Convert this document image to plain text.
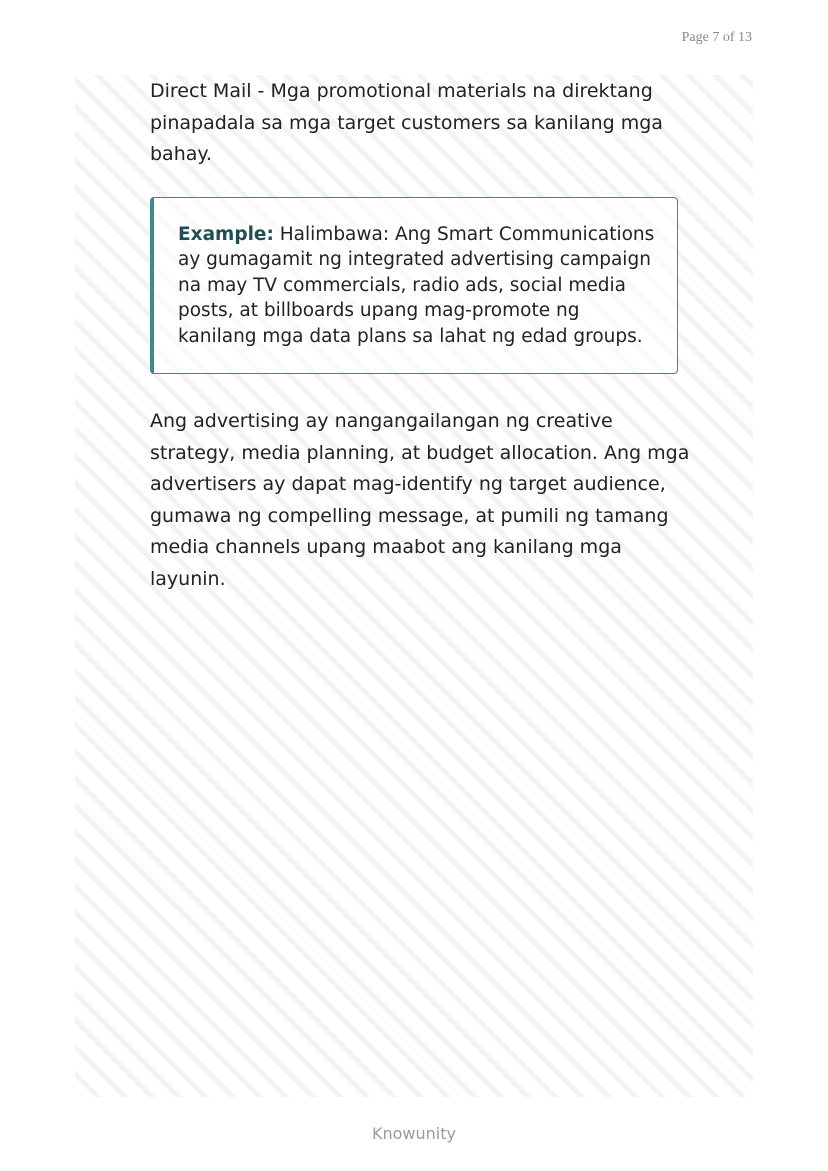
Page 7 of 13

Direct Mail - Mga promotional materials na direktang pinapadala sa mga target customers sa kanilang mga bahay.

Example: Halimbawa: Ang Smart Communications ay gumagamit ng integrated advertising campaign na may TV commercials, radio ads, social media posts, at billboards upang mag-promote ng kanilang mga data plans sa lahat ng edad groups.

Ang advertising ay nangangailangan ng creative strategy, media planning, at budget allocation. Ang mga advertisers ay dapat mag-identify ng target audience, gumawa ng compelling message, at pumili ng tamang media channels upang maabot ang kanilang mga layunin.

Knowunity
